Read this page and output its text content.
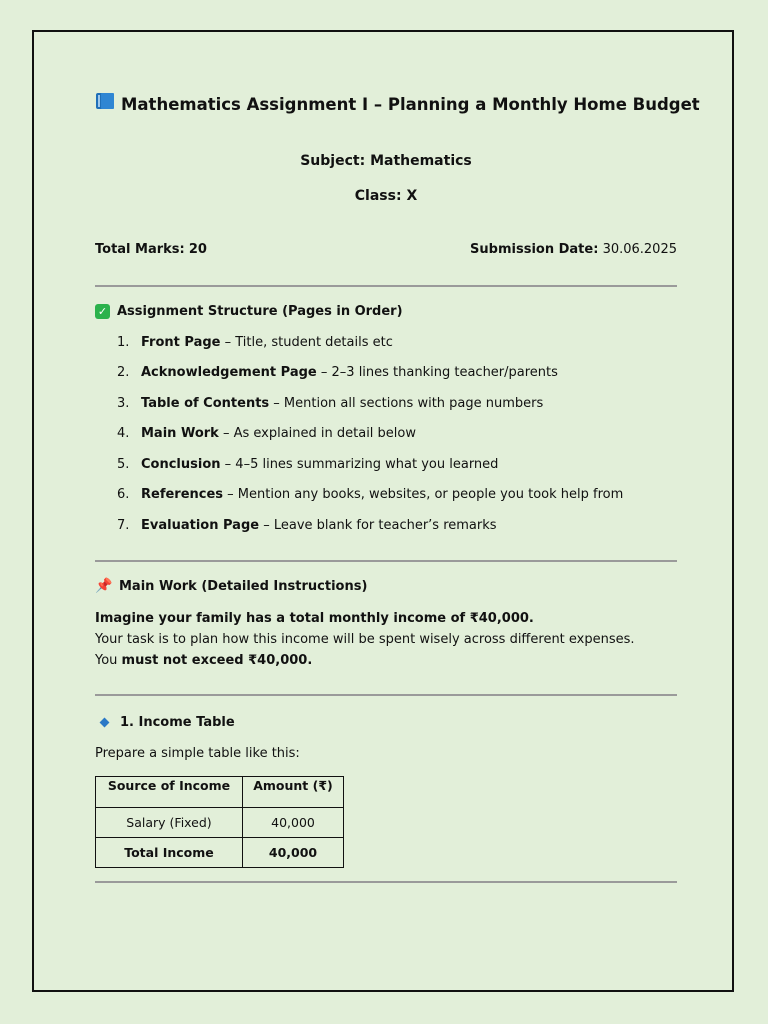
Mathematics Assignment I – Planning a Monthly Home Budget
Subject: Mathematics
Class: X
Total Marks: 20	Submission Date: 30.06.2025
✓ Assignment Structure (Pages in Order)
1. Front Page – Title, student details etc
2. Acknowledgement Page – 2–3 lines thanking teacher/parents
3. Table of Contents – Mention all sections with page numbers
4. Main Work – As explained in detail below
5. Conclusion – 4–5 lines summarizing what you learned
6. References – Mention any books, websites, or people you took help from
7. Evaluation Page – Leave blank for teacher’s remarks
📌 Main Work (Detailed Instructions)
Imagine your family has a total monthly income of ₹40,000.
Your task is to plan how this income will be spent wisely across different expenses.
You must not exceed ₹40,000.
1. Income Table
Prepare a simple table like this:
Source of Income	Amount (₹)
Salary (Fixed)	40,000
Total Income	40,000
